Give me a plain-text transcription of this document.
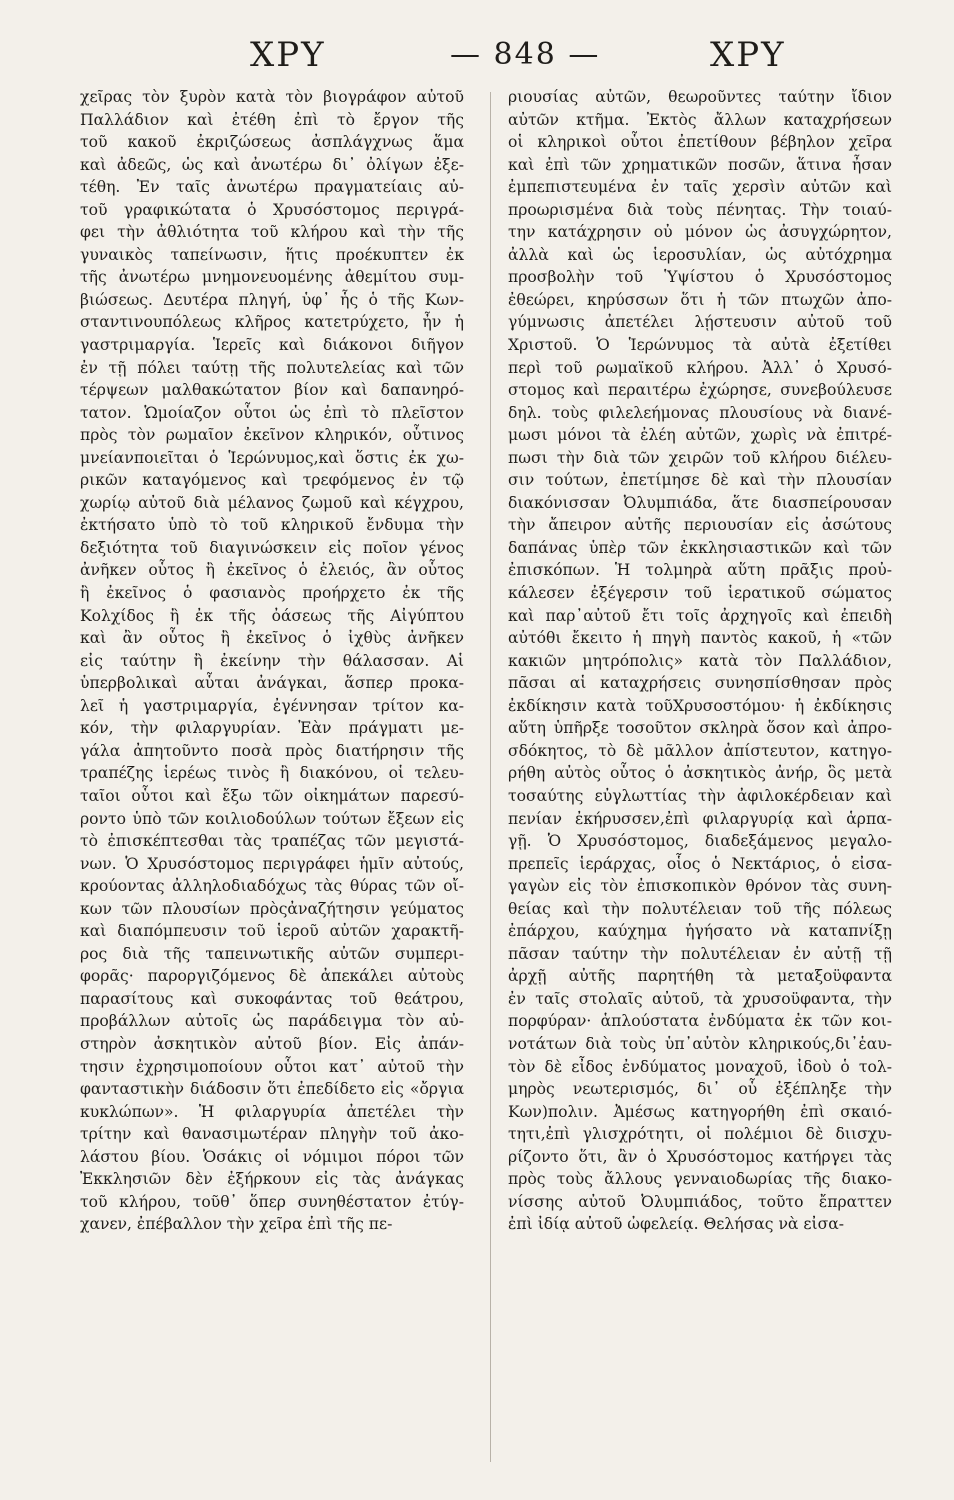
ΧΡΥ	— 848 —	ΧΡΥ
χεῖρας τὸν ξυρὸν κατὰ τὸν βιογράφον αὐτοῦ
Παλλάδιον καὶ ἐτέθη ἐπὶ τὸ ἔργον τῆς
τοῦ κακοῦ ἐκριζώσεως ἀσπλάγχνως ἅμα
καὶ ἀδεῶς, ὡς καὶ ἀνωτέρω δι᾽ ὀλίγων ἐξε-
τέθη. Ἐν ταῖς ἀνωτέρω πραγματείαις αὐ-
τοῦ γραφικώτατα ὁ Χρυσόστομος περιγρά-
φει τὴν ἀθλιότητα τοῦ κλήρου καὶ τὴν τῆς
γυναικὸς ταπείνωσιν, ἥτις προέκυπτεν ἐκ
τῆς ἀνωτέρω μνημονευομένης ἀθεμίτου συμ-
βιώσεως. Δευτέρα πληγή, ὑφ᾽ ἧς ὁ τῆς Κων-
σταντινουπόλεως κλῆρος κατετρύχετο, ἦν ἡ
γαστριμαργία. Ἱερεῖς καὶ διάκονοι διῆγον
ἐν τῇ πόλει ταύτῃ τῆς πολυτελείας καὶ τῶν
τέρψεων μαλθακώτατον βίον καὶ δαπανηρό-
τατον. Ὡμοίαζον οὗτοι ὡς ἐπὶ τὸ πλεῖστον
πρὸς τὸν ρωμαῖον ἐκεῖνον κληρικόν, οὗτινος
μνείανποιεῖται ὁ Ἱερώνυμος,καὶ ὅστις ἐκ χω-
ρικῶν καταγόμενος καὶ τρεφόμενος ἐν τῷ
χωρίῳ αὐτοῦ διὰ μέλανος ζωμοῦ καὶ κέγχρου,
ἐκτήσατο ὑπὸ τὸ τοῦ κληρικοῦ ἔνδυμα τὴν
δεξιότητα τοῦ διαγινώσκειν εἰς ποῖον γένος
ἀνῆκεν οὗτος ἢ ἐκεῖνος ὁ ἐλειός, ἂν οὗτος
ἢ ἐκεῖνος ὁ φασιανὸς προήρχετο ἐκ τῆς
Κολχίδος ἢ ἐκ τῆς ὀάσεως τῆς Αἰγύπτου
καὶ ἂν οὗτος ἢ ἐκεῖνος ὁ ἰχθὺς ἀνῆκεν
εἰς ταύτην ἢ ἐκείνην τὴν θάλασσαν. Αἱ
ὑπερβολικαὶ αὗται ἀνάγκαι, ἅσπερ προκα-
λεῖ ἡ γαστριμαργία, ἐγέννησαν τρίτον κα-
κόν, τὴν φιλαργυρίαν. Ἐὰν πράγματι με-
γάλα ἀπητοῦντο ποσὰ πρὸς διατήρησιν τῆς
τραπέζης ἱερέως τινὸς ἢ διακόνου, οἱ τελευ-
ταῖοι οὗτοι καὶ ἔξω τῶν οἰκημάτων παρεσύ-
ροντο ὑπὸ τῶν κοιλιοδούλων τούτων ἔξεων εἰς
τὸ ἐπισκέπτεσθαι τὰς τραπέζας τῶν μεγιστά-
νων. Ὁ Χρυσόστομος περιγράφει ἡμῖν αὐτούς,
κρούοντας ἀλληλοδιαδόχως τὰς θύρας τῶν οἴ-
κων τῶν πλουσίων πρὸςἀναζήτησιν γεύματος
καὶ διαπόμπευσιν τοῦ ἱεροῦ αὐτῶν χαρακτῆ-
ρος διὰ τῆς ταπεινωτικῆς αὐτῶν συμπερι-
φορᾶς· παροργιζόμενος δὲ ἀπεκάλει αὐτοὺς
παρασίτους καὶ συκοφάντας τοῦ θεάτρου,
προβάλλων αὐτοῖς ὡς παράδειγμα τὸν αὐ-
στηρὸν ἀσκητικὸν αὐτοῦ βίον. Εἰς ἀπάν-
τησιν ἐχρησιμοποίουν οὗτοι κατ᾽ αὐτοῦ τὴν
φανταστικὴν διάδοσιν ὅτι ἐπεδίδετο εἰς «ὄργια
κυκλώπων». Ἡ φιλαργυρία ἀπετέλει τὴν
τρίτην καὶ θανασιμωτέραν πληγὴν τοῦ ἀκο-
λάστου βίου. Ὁσάκις οἱ νόμιμοι πόροι τῶν
Ἐκκλησιῶν δὲν ἐξήρκουν εἰς τὰς ἀνάγκας
τοῦ κλήρου, τοῦθ᾽ ὅπερ συνηθέστατον ἐτύγ-
χανεν, ἐπέβαλλον τὴν χεῖρα ἐπὶ τῆς πε-
ριουσίας αὐτῶν, θεωροῦντες ταύτην ἴδιον
αὐτῶν κτῆμα. Ἐκτὸς ἄλλων καταχρήσεων
οἱ κληρικοὶ οὗτοι ἐπετίθουν βέβηλον χεῖρα
καὶ ἐπὶ τῶν χρηματικῶν ποσῶν, ἅτινα ἦσαν
ἐμπεπιστευμένα ἐν ταῖς χερσὶν αὐτῶν καὶ
προωρισμένα διὰ τοὺς πένητας. Τὴν τοιαύ-
την κατάχρησιν οὐ μόνον ὡς ἀσυγχώρητον,
ἀλλὰ καὶ ὡς ἱεροσυλίαν, ὡς αὐτόχρημα
προσβολὴν τοῦ Ὑψίστου ὁ Χρυσόστομος
ἐθεώρει, κηρύσσων ὅτι ἡ τῶν πτωχῶν ἀπο-
γύμνωσις ἀπετέλει λῄστευσιν αὐτοῦ τοῦ
Χριστοῦ. Ὁ Ἱερώνυμος τὰ αὐτὰ ἐξετίθει
περὶ τοῦ ρωμαϊκοῦ κλήρου. Ἀλλ᾽ ὁ Χρυσό-
στομος καὶ περαιτέρω ἐχώρησε, συνεβούλευσε
δηλ. τοὺς φιλελεήμονας πλουσίους νὰ διανέ-
μωσι μόνοι τὰ ἐλέη αὐτῶν, χωρὶς νὰ ἐπιτρέ-
πωσι τὴν διὰ τῶν χειρῶν τοῦ κλήρου διέλευ-
σιν τούτων, ἐπετίμησε δὲ καὶ τὴν πλουσίαν
διακόνισσαν Ὀλυμπιάδα, ἅτε διασπείρουσαν
τὴν ἄπειρον αὐτῆς περιουσίαν εἰς ἀσώτους
δαπάνας ὑπὲρ τῶν ἐκκλησιαστικῶν καὶ τῶν
ἐπισκόπων. Ἡ τολμηρὰ αὕτη πρᾶξις προὐ-
κάλεσεν ἐξέγερσιν τοῦ ἱερατικοῦ σώματος
καὶ παρ᾽αὐτοῦ ἔτι τοῖς ἀρχηγοῖς καὶ ἐπειδὴ
αὐτόθι ἔκειτο ἡ πηγὴ παντὸς κακοῦ, ἡ «τῶν
κακιῶν μητρόπολις» κατὰ τὸν Παλλάδιον,
πᾶσαι αἱ καταχρήσεις συνησπίσθησαν πρὸς
ἐκδίκησιν κατὰ τοῦΧρυσοστόμου· ἡ ἐκδίκησις
αὕτη ὑπῆρξε τοσοῦτον σκληρὰ ὅσον καὶ ἀπρο-
σδόκητος, τὸ δὲ μᾶλλον ἀπίστευτον, κατηγο-
ρήθη αὐτὸς οὗτος ὁ ἀσκητικὸς ἀνήρ, ὃς μετὰ
τοσαύτης εὐγλωττίας τὴν ἀφιλοκέρδειαν καὶ
πενίαν ἐκήρυσσεν,ἐπὶ φιλαργυρίᾳ καὶ ἁρπα-
γῇ. Ὁ Χρυσόστομος, διαδεξάμενος μεγαλο-
πρεπεῖς ἱεράρχας, οἷος ὁ Νεκτάριος, ὁ εἰσα-
γαγὼν εἰς τὸν ἐπισκοπικὸν θρόνον τὰς συνη-
θείας καὶ τὴν πολυτέλειαν τοῦ τῆς πόλεως
ἐπάρχου, καύχημα ἡγήσατο νὰ καταπνίξῃ
πᾶσαν ταύτην τὴν πολυτέλειαν ἐν αὐτῇ τῇ
ἀρχῇ αὐτῆς παρητήθη τὰ μεταξοϋφαντα
ἐν ταῖς στολαῖς αὐτοῦ, τὰ χρυσοϋφαντα, τὴν
πορφύραν· ἁπλούστατα ἐνδύματα ἐκ τῶν κοι-
νοτάτων διὰ τοὺς ὑπ᾽αὐτὸν κληρικούς,δι᾽ἑαυ-
τὸν δὲ εἶδος ἐνδύματος μοναχοῦ, ἰδοὺ ὁ τολ-
μηρὸς νεωτερισμός, δι᾽ οὗ ἐξέπληξε τὴν
Κων)πολιν. Ἀμέσως κατηγορήθη ἐπὶ σκαιό-
τητι,ἐπὶ γλισχρότητι, οἱ πολέμιοι δὲ διισχυ-
ρίζοντο ὅτι, ἂν ὁ Χρυσόστομος κατήργει τὰς
πρὸς τοὺς ἄλλους γενναιοδωρίας τῆς διακο-
νίσσης αὐτοῦ Ὀλυμπιάδος, τοῦτο ἔπραττεν
ἐπὶ ἰδίᾳ αὐτοῦ ὠφελείᾳ. Θελήσας νὰ εἰσα-
